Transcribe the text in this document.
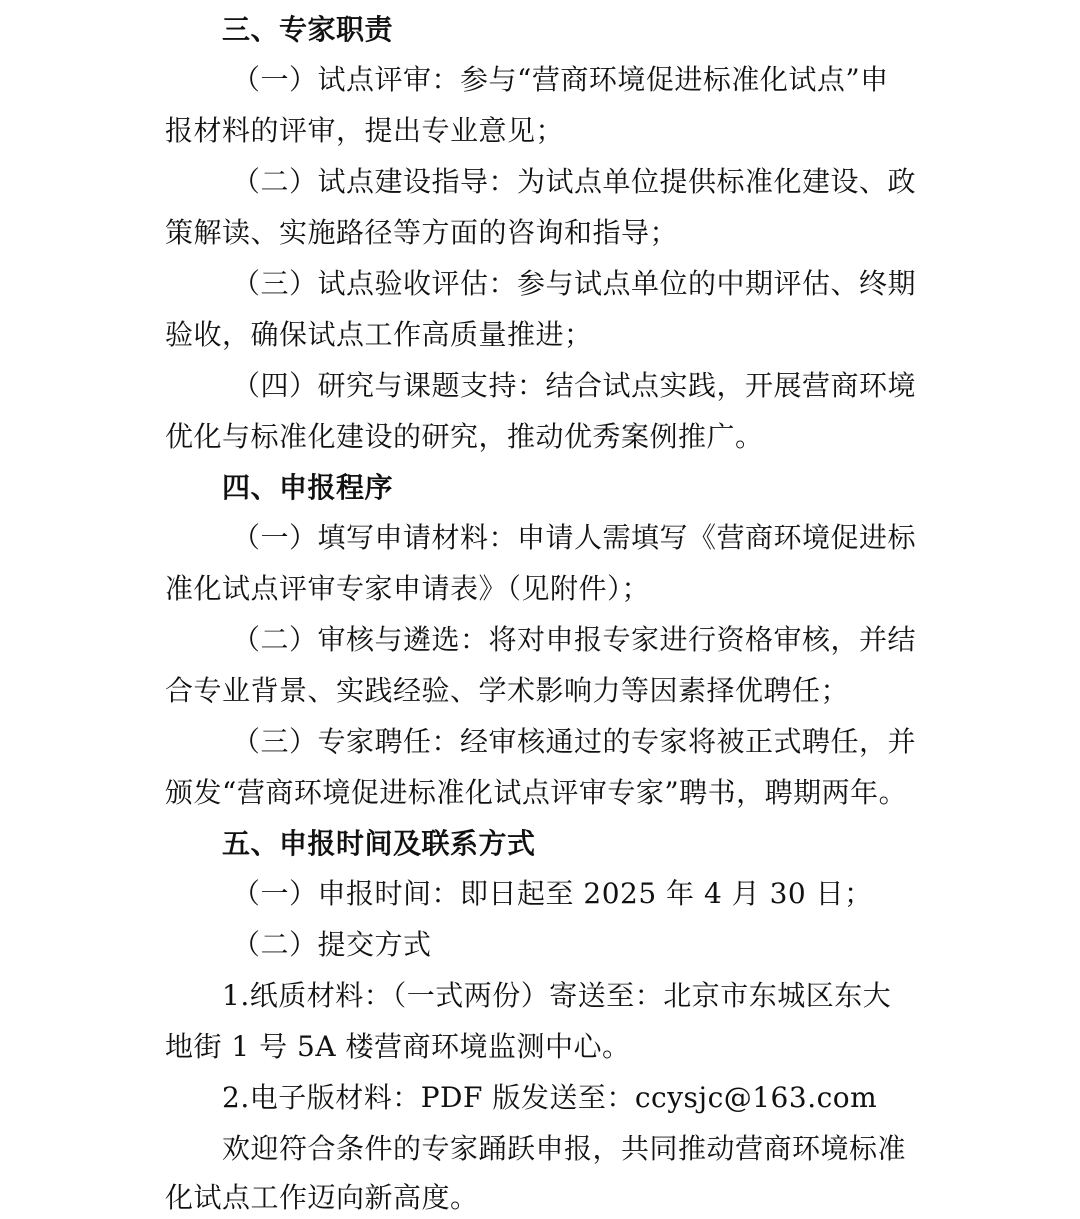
三、专家职责
（一）试点评审：参与“营商环境促进标准化试点”申
报材料的评审，提出专业意见；
（二）试点建设指导：为试点单位提供标准化建设、政
策解读、实施路径等方面的咨询和指导；
（三）试点验收评估：参与试点单位的中期评估、终期
验收，确保试点工作高质量推进；
（四）研究与课题支持：结合试点实践，开展营商环境
优化与标准化建设的研究，推动优秀案例推广。
四、申报程序
（一）填写申请材料：申请人需填写《营商环境促进标
准化试点评审专家申请表》（见附件）；
（二）审核与遴选：将对申报专家进行资格审核，并结
合专业背景、实践经验、学术影响力等因素择优聘任；
（三）专家聘任：经审核通过的专家将被正式聘任，并
颁发“营商环境促进标准化试点评审专家”聘书，聘期两年。
五、申报时间及联系方式
（一）申报时间：即日起至 2025 年 4 月 30 日；
（二）提交方式
1.纸质材料：（一式两份）寄送至：北京市东城区东大
地街 1 号 5A 楼营商环境监测中心。
2.电子版材料：PDF 版发送至：ccysjc@163.com
欢迎符合条件的专家踊跃申报，共同推动营商环境标准
化试点工作迈向新高度。
